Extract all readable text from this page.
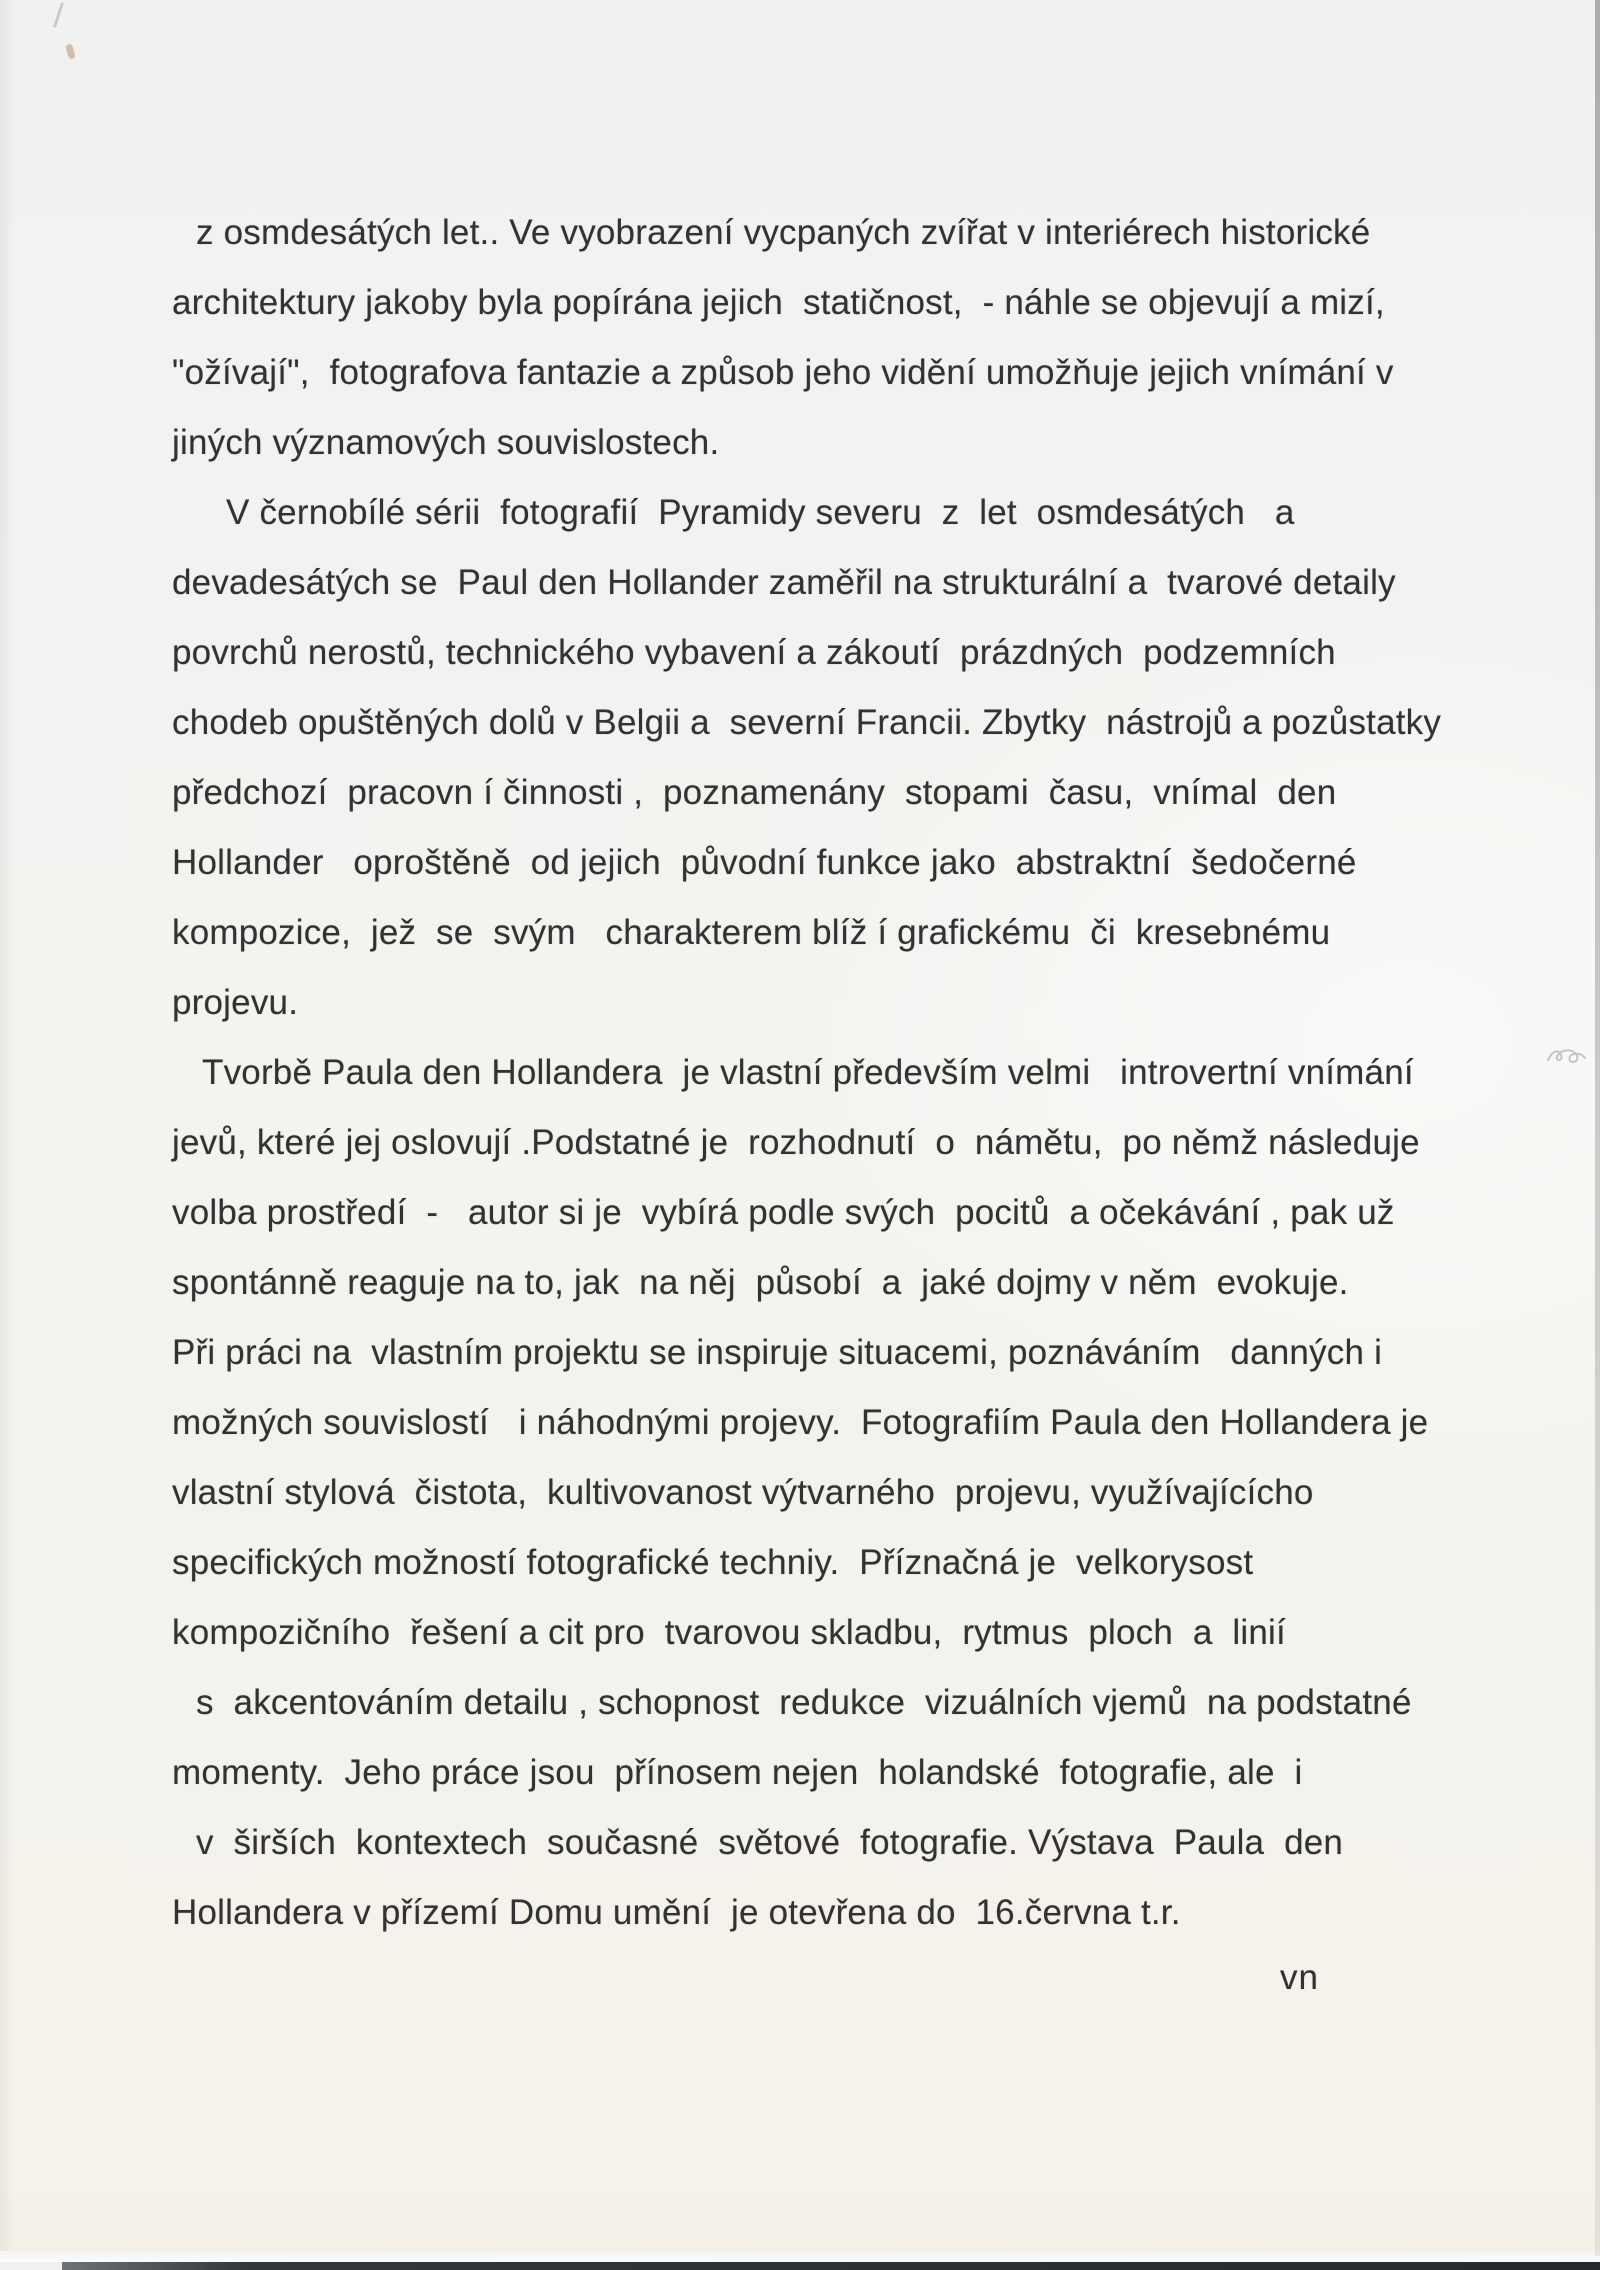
z osmdesátých let.. Ve vyobrazení vycpaných zvířat v interiérech historické
architektury jakoby byla popírána jejich  statičnost,  - náhle se objevují a mizí,
"ožívají",  fotografova fantazie a způsob jeho vidění umožňuje jejich vnímání v
jiných významových souvislostech.
V černobílé sérii  fotografií  Pyramidy severu  z  let  osmdesátých   a
devadesátých se  Paul den Hollander zaměřil na strukturální a  tvarové detaily
povrchů nerostů, technického vybavení a zákoutí  prázdných  podzemních
chodeb opuštěných dolů v Belgii a  severní Francii. Zbytky  nástrojů a pozůstatky
předchozí  pracovn í činnosti ,  poznamenány  stopami  času,  vnímal  den
Hollander   oproštěně  od jejich  původní funkce jako  abstraktní  šedočerné
kompozice,  jež  se  svým   charakterem blíž í grafickému  či  kresebnému
projevu.
Tvorbě Paula den Hollandera  je vlastní především velmi   introvertní vnímání
jevů, které jej oslovují .Podstatné je  rozhodnutí  o  námětu,  po němž následuje
volba prostředí  -   autor si je  vybírá podle svých  pocitů  a očekávání , pak už
spontánně reaguje na to, jak  na něj  působí  a  jaké dojmy v něm  evokuje.
Při práci na  vlastním projektu se inspiruje situacemi, poznáváním   danných i
možných souvislostí   i náhodnými projevy.  Fotografiím Paula den Hollandera je
vlastní stylová  čistota,  kultivovanost výtvarného  projevu, využívajícícho
specifických možností fotografické techniy.  Příznačná je  velkorysost
kompozičního  řešení a cit pro  tvarovou skladbu,  rytmus  ploch  a  linií
s  akcentováním detailu , schopnost  redukce  vizuálních vjemů  na podstatné
momenty.  Jeho práce jsou  přínosem nejen  holandské  fotografie, ale  i
v  širších  kontextech  současné  světové  fotografie. Výstava  Paula  den
Hollandera v přízemí Domu umění  je otevřena do  16.června t.r.
vn
